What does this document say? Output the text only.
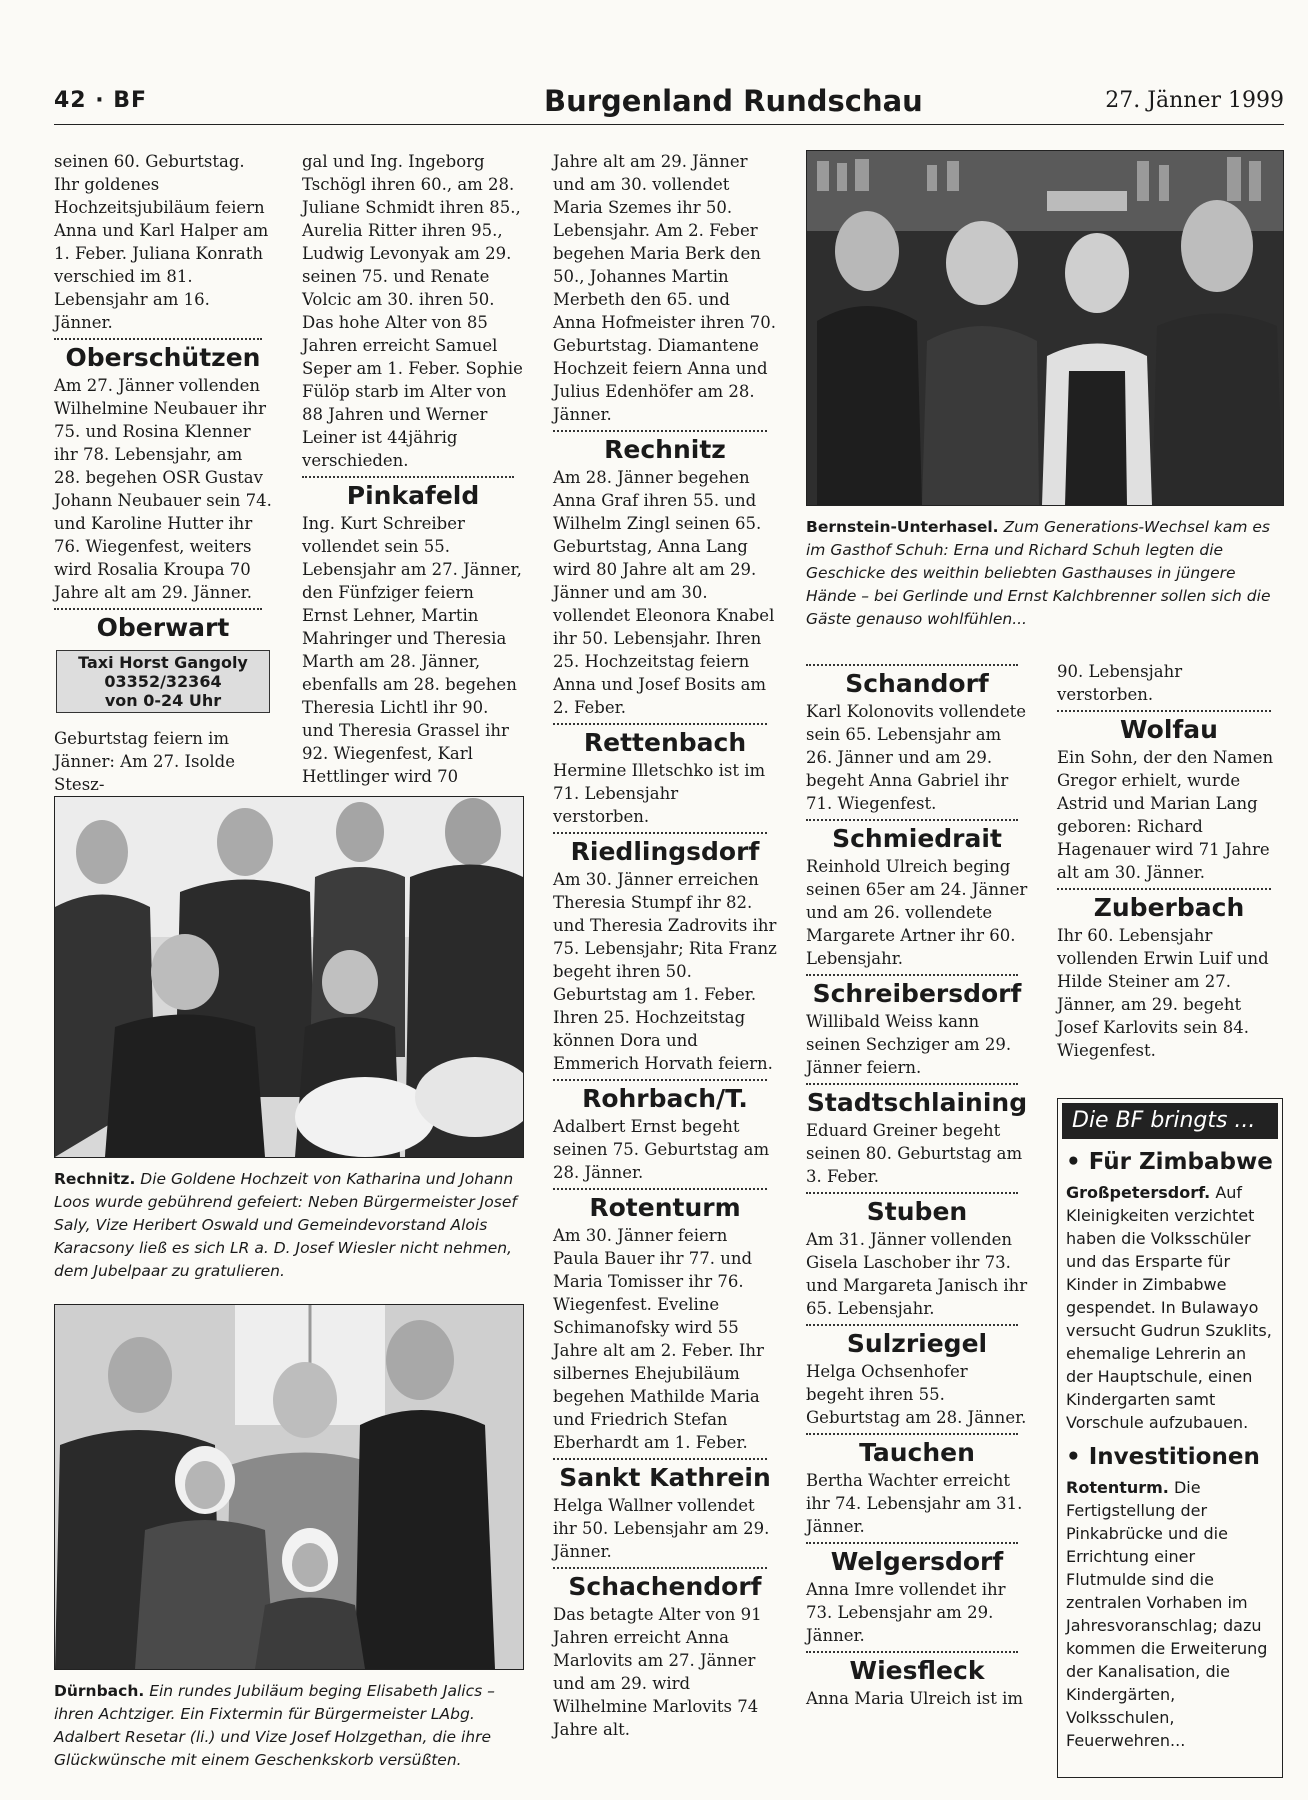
42 · BF	Burgenland Rundschau	27. Jänner 1999

seinen 60. Geburtstag. Ihr goldenes Hochzeitsjubiläum feiern Anna und Karl Halper am 1. Feber. Juliana Konrath verschied im 81. Lebensjahr am 16. Jänner.

Oberschützen

Am 27. Jänner vollenden Wilhelmine Neubauer ihr 75. und Rosina Klenner ihr 78. Lebensjahr, am 28. begehen OSR Gustav Johann Neubauer sein 74. und Karoline Hutter ihr 76. Wiegenfest, weiters wird Rosalia Kroupa 70 Jahre alt am 29. Jänner.

Oberwart

Taxi Horst Gangoly
03352/32364
von 0-24 Uhr

Geburtstag feiern im Jänner: Am 27. Isolde Stesz-

gal und Ing. Ingeborg Tschögl ihren 60., am 28. Juliane Schmidt ihren 85., Aurelia Ritter ihren 95., Ludwig Levonyak am 29. seinen 75. und Renate Volcic am 30. ihren 50. Das hohe Alter von 85 Jahren erreicht Samuel Seper am 1. Feber. Sophie Fülöp starb im Alter von 88 Jahren und Werner Leiner ist 44jährig verschieden.

Pinkafeld

Ing. Kurt Schreiber vollendet sein 55. Lebensjahr am 27. Jänner, den Fünfziger feiern Ernst Lehner, Martin Mahringer und Theresia Marth am 28. Jänner, ebenfalls am 28. begehen Theresia Lichtl ihr 90. und Theresia Grassel ihr 92. Wiegenfest, Karl Hettlinger wird 70

Jahre alt am 29. Jänner und am 30. vollendet Maria Szemes ihr 50. Lebensjahr. Am 2. Feber begehen Maria Berk den 50., Johannes Martin Merbeth den 65. und Anna Hofmeister ihren 70. Geburtstag. Diamantene Hochzeit feiern Anna und Julius Edenhöfer am 28. Jänner.

Rechnitz

Am 28. Jänner begehen Anna Graf ihren 55. und Wilhelm Zingl seinen 65. Geburtstag, Anna Lang wird 80 Jahre alt am 29. Jänner und am 30. vollendet Eleonora Knabel ihr 50. Lebensjahr. Ihren 25. Hochzeitstag feiern Anna und Josef Bosits am 2. Feber.

Rettenbach

Hermine Illetschko ist im 71. Lebensjahr verstorben.

Riedlingsdorf

Am 30. Jänner erreichen Theresia Stumpf ihr 82. und Theresia Zadrovits ihr 75. Lebensjahr; Rita Franz begeht ihren 50. Geburtstag am 1. Feber. Ihren 25. Hochzeitstag können Dora und Emmerich Horvath feiern.

Rohrbach/T.

Adalbert Ernst begeht seinen 75. Geburtstag am 28. Jänner.

Rotenturm

Am 30. Jänner feiern Paula Bauer ihr 77. und Maria Tomisser ihr 76. Wiegenfest. Eveline Schimanofsky wird 55 Jahre alt am 2. Feber. Ihr silbernes Ehejubiläum begehen Mathilde Maria und Friedrich Stefan Eberhardt am 1. Feber.

Sankt Kathrein

Helga Wallner vollendet ihr 50. Lebensjahr am 29. Jänner.

Schachendorf

Das betagte Alter von 91 Jahren erreicht Anna Marlovits am 27. Jänner und am 29. wird Wilhelmine Marlovits 74 Jahre alt.

Schandorf

Karl Kolonovits vollendete sein 65. Lebensjahr am 26. Jänner und am 29. begeht Anna Gabriel ihr 71. Wiegenfest.

Schmiedrait

Reinhold Ulreich beging seinen 65er am 24. Jänner und am 26. vollendete Margarete Artner ihr 60. Lebensjahr.

Schreibersdorf

Willibald Weiss kann seinen Sechziger am 29. Jänner feiern.

Stadtschlaining

Eduard Greiner begeht seinen 80. Geburtstag am 3. Feber.

Stuben

Am 31. Jänner vollenden Gisela Laschober ihr 73. und Margareta Janisch ihr 65. Lebensjahr.

Sulzriegel

Helga Ochsenhofer begeht ihren 55. Geburtstag am 28. Jänner.

Tauchen

Bertha Wachter erreicht ihr 74. Lebensjahr am 31. Jänner.

Welgersdorf

Anna Imre vollendet ihr 73. Lebensjahr am 29. Jänner.

Wiesfleck

Anna Maria Ulreich ist im

90. Lebensjahr verstorben.

Wolfau

Ein Sohn, der den Namen Gregor erhielt, wurde Astrid und Marian Lang geboren: Richard Hagenauer wird 71 Jahre alt am 30. Jänner.

Zuberbach

Ihr 60. Lebensjahr vollenden Erwin Luif und Hilde Steiner am 27. Jänner, am 29. begeht Josef Karlovits sein 84. Wiegenfest.

Die BF bringts ...
• Für Zimbabwe
Großpetersdorf. Auf Kleinigkeiten verzichtet haben die Volksschüler und das Ersparte für Kinder in Zimbabwe gespendet. In Bulawayo versucht Gudrun Szuklits, ehemalige Lehrerin an der Hauptschule, einen Kindergarten samt Vorschule aufzubauen.
• Investitionen
Rotenturm. Die Fertigstellung der Pinkabrücke und die Errichtung einer Flutmulde sind die zentralen Vorhaben im Jahresvoranschlag; dazu kommen die Erweiterung der Kanalisation, die Kindergärten, Volksschulen, Feuerwehren...
Bernstein-Unterhasel. Zum Generations-Wechsel kam es im Gasthof Schuh: Erna und Richard Schuh legten die Geschicke des weithin beliebten Gasthauses in jüngere Hände – bei Gerlinde und Ernst Kalchbrenner sollen sich die Gäste genauso wohlfühlen...
Rechnitz. Die Goldene Hochzeit von Katharina und Johann Loos wurde gebührend gefeiert: Neben Bürgermeister Josef Saly, Vize Heribert Oswald und Gemeindevorstand Alois Karacsony ließ es sich LR a. D. Josef Wiesler nicht nehmen, dem Jubelpaar zu gratulieren.
Dürnbach. Ein rundes Jubiläum beging Elisabeth Jalics – ihren Achtziger. Ein Fixtermin für Bürgermeister LAbg. Adalbert Resetar (li.) und Vize Josef Holzgethan, die ihre Glückwünsche mit einem Geschenkskorb versüßten.
